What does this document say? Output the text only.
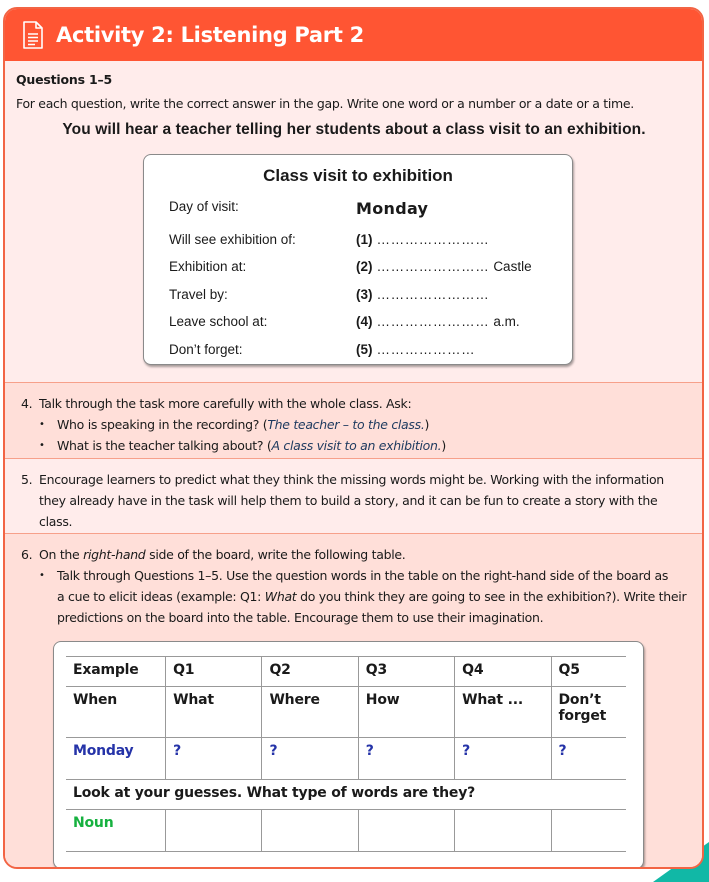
Activity 2: Listening Part 2
Questions 1–5
For each question, write the correct answer in the gap. Write one word or a number or a date or a time.
You will hear a teacher telling her students about a class visit to an exhibition.
Class visit to exhibition
Day of visit:	Monday
Will see exhibition of:	(1) ……………………
Exhibition at:	(2) …………………… Castle
Travel by:	(3) ……………………
Leave school at:	(4) …………………… a.m.
Don’t forget:	(5) …………………
4. Talk through the task more carefully with the whole class. Ask:
• Who is speaking in the recording? (The teacher – to the class.)
• What is the teacher talking about? (A class visit to an exhibition.)
5. Encourage learners to predict what they think the missing words might be. Working with the information
they already have in the task will help them to build a story, and it can be fun to create a story with the
class.
6. On the right-hand side of the board, write the following table.
• Talk through Questions 1–5. Use the question words in the table on the right-hand side of the board as
a cue to elicit ideas (example: Q1: What do you think they are going to see in the exhibition?). Write their
predictions on the board into the table. Encourage them to use their imagination.
Example	Q1	Q2	Q3	Q4	Q5
When	What	Where	How	What ...	Don’t forget
Monday	?	?	?	?	?
Look at your guesses. What type of words are they?					
Noun					
